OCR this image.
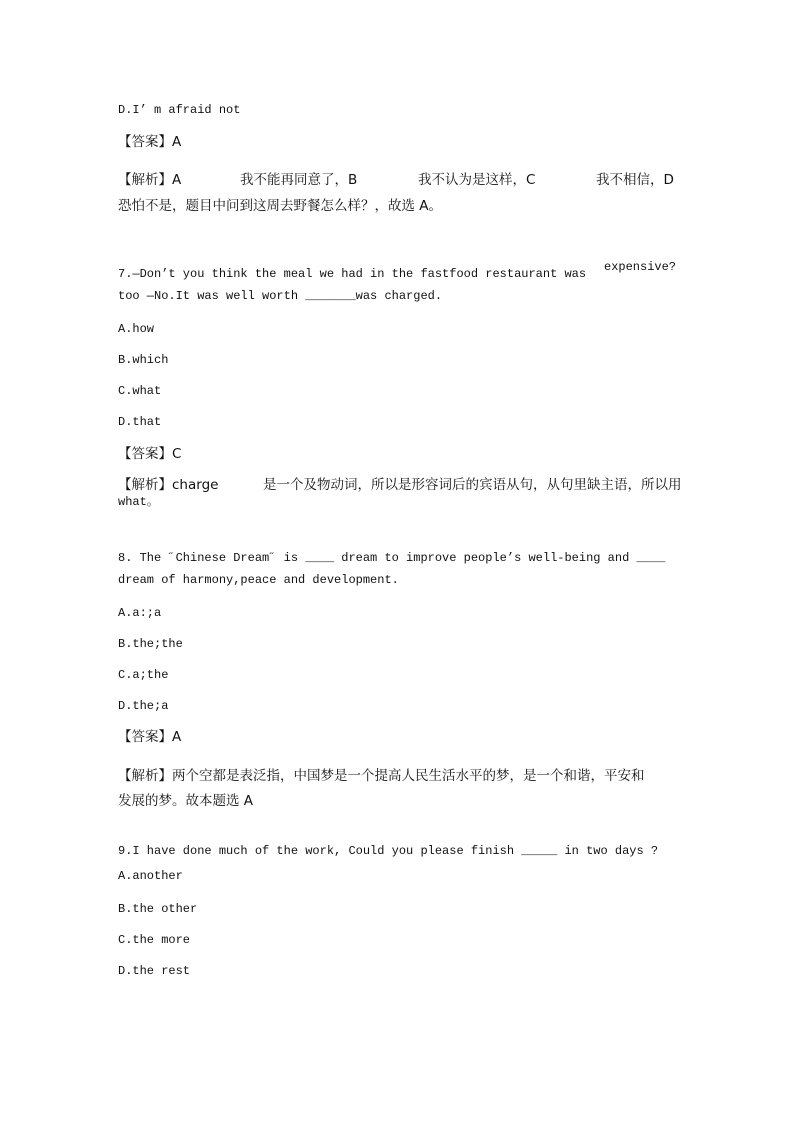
D.I’ m afraid not
【答案】A
【解析】A	我不能再同意了，B	我不认为是这样，C	我不相信，D
恐怕不是，题目中问到这周去野餐怎么样？，故选 A。
7.—Don’t you think the meal we had in the fastfood restaurant was expensive?
too —No.It was well worth _______was charged.
A.how
B.which
C.what
D.that
【答案】C
【解析】charge	是一个及物动词，所以是形容词后的宾语从句，从句里缺主语，所以用
what。
8. The ˝Chinese Dream˝ is ____ dream to improve people’s well-being and ____
dream of harmony,peace and development.
A.a:;a
B.the;the
C.a;the
D.the;a
【答案】A
【解析】两个空都是表泛指，中国梦是一个提高人民生活水平的梦，是一个和谐，平安和
发展的梦。故本题选 A
9.I have done much of the work, Could you please finish _____ in two days ?
A.another
B.the other
C.the more
D.the rest
